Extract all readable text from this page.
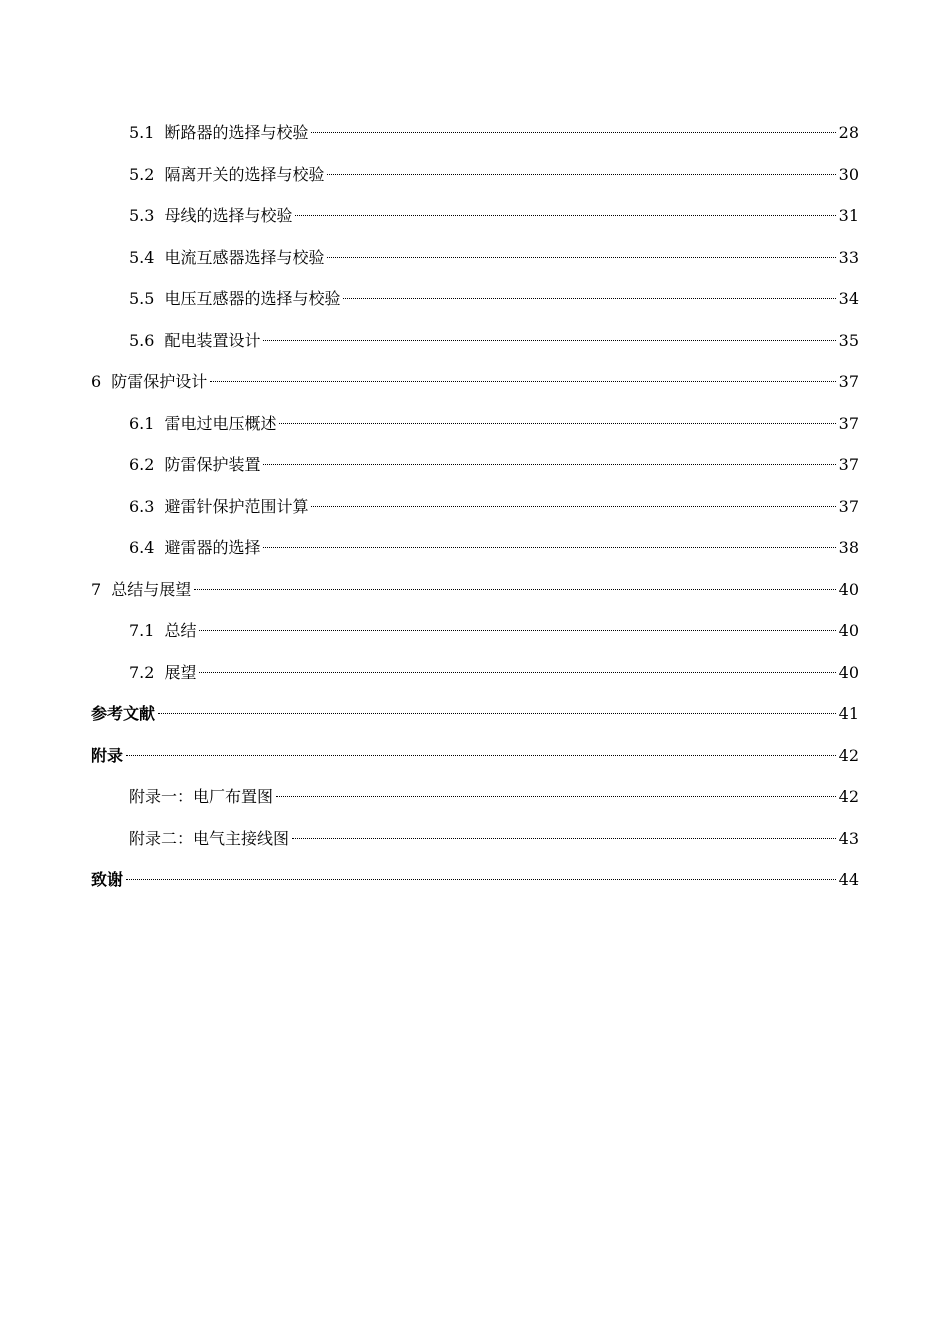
5.1 断路器的选择与校验	28
5.2 隔离开关的选择与校验	30
5.3 母线的选择与校验	31
5.4 电流互感器选择与校验	33
5.5 电压互感器的选择与校验	34
5.6 配电装置设计	35
6 防雷保护设计	37
6.1 雷电过电压概述	37
6.2 防雷保护装置	37
6.3 避雷针保护范围计算	37
6.4 避雷器的选择	38
7 总结与展望	40
7.1 总结	40
7.2 展望	40
参考文献	41
附录	42
附录一：电厂布置图	42
附录二：电气主接线图	43
致谢	44
